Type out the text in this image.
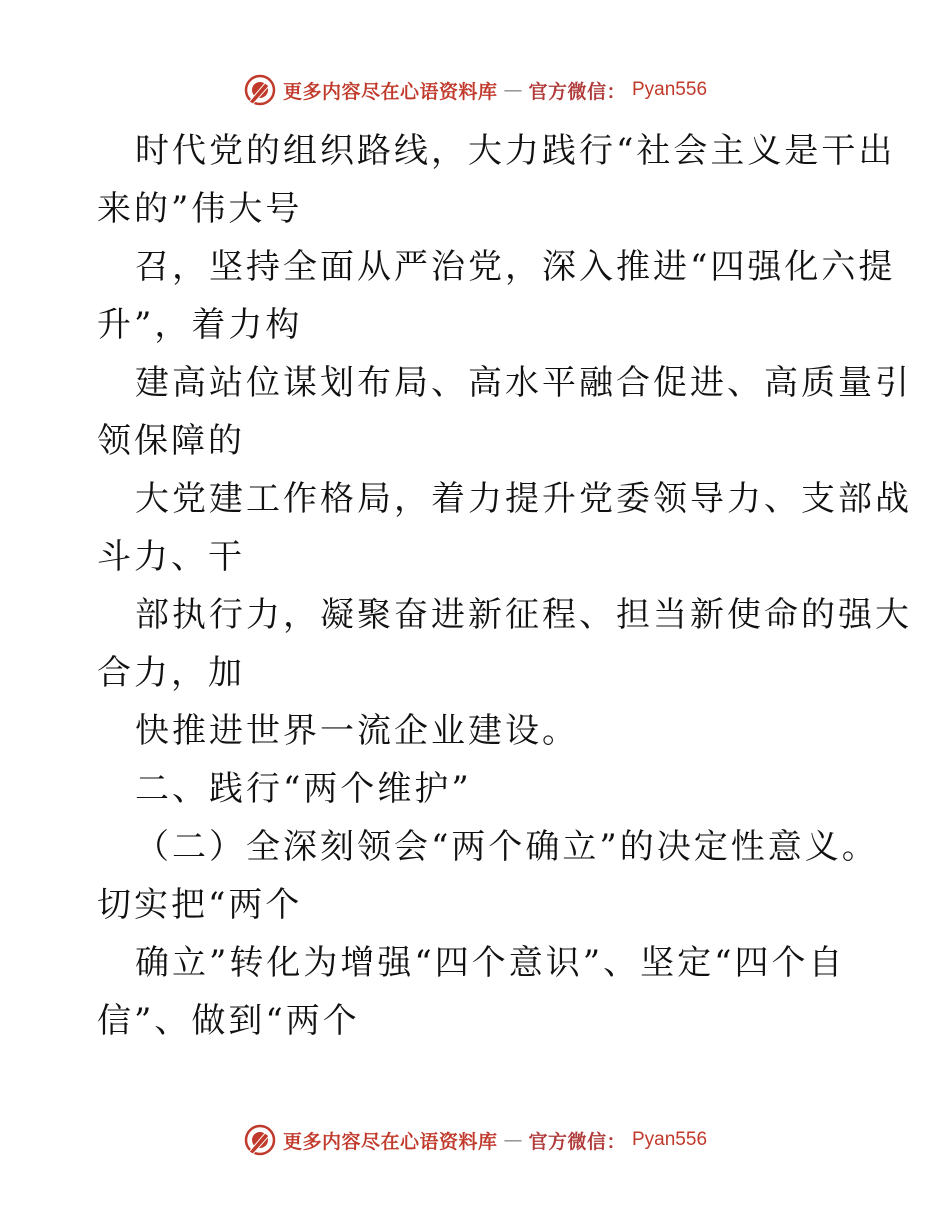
更多内容尽在心语资料库 — 官方微信： Pyan556
时代党的组织路线，大力践行“社会主义是干出
来的”伟大号
召，坚持全面从严治党，深入推进“四强化六提
升”，着力构
建高站位谋划布局、高水平融合促进、高质量引
领保障的
大党建工作格局，着力提升党委领导力、支部战
斗力、干
部执行力，凝聚奋进新征程、担当新使命的强大
合力，加
快推进世界一流企业建设。
二、践行“两个维护”
（二）全深刻领会“两个确立”的决定性意义。
切实把“两个
确立”转化为增强“四个意识”、坚定“四个自
信”、做到“两个
更多内容尽在心语资料库 — 官方微信： Pyan556
